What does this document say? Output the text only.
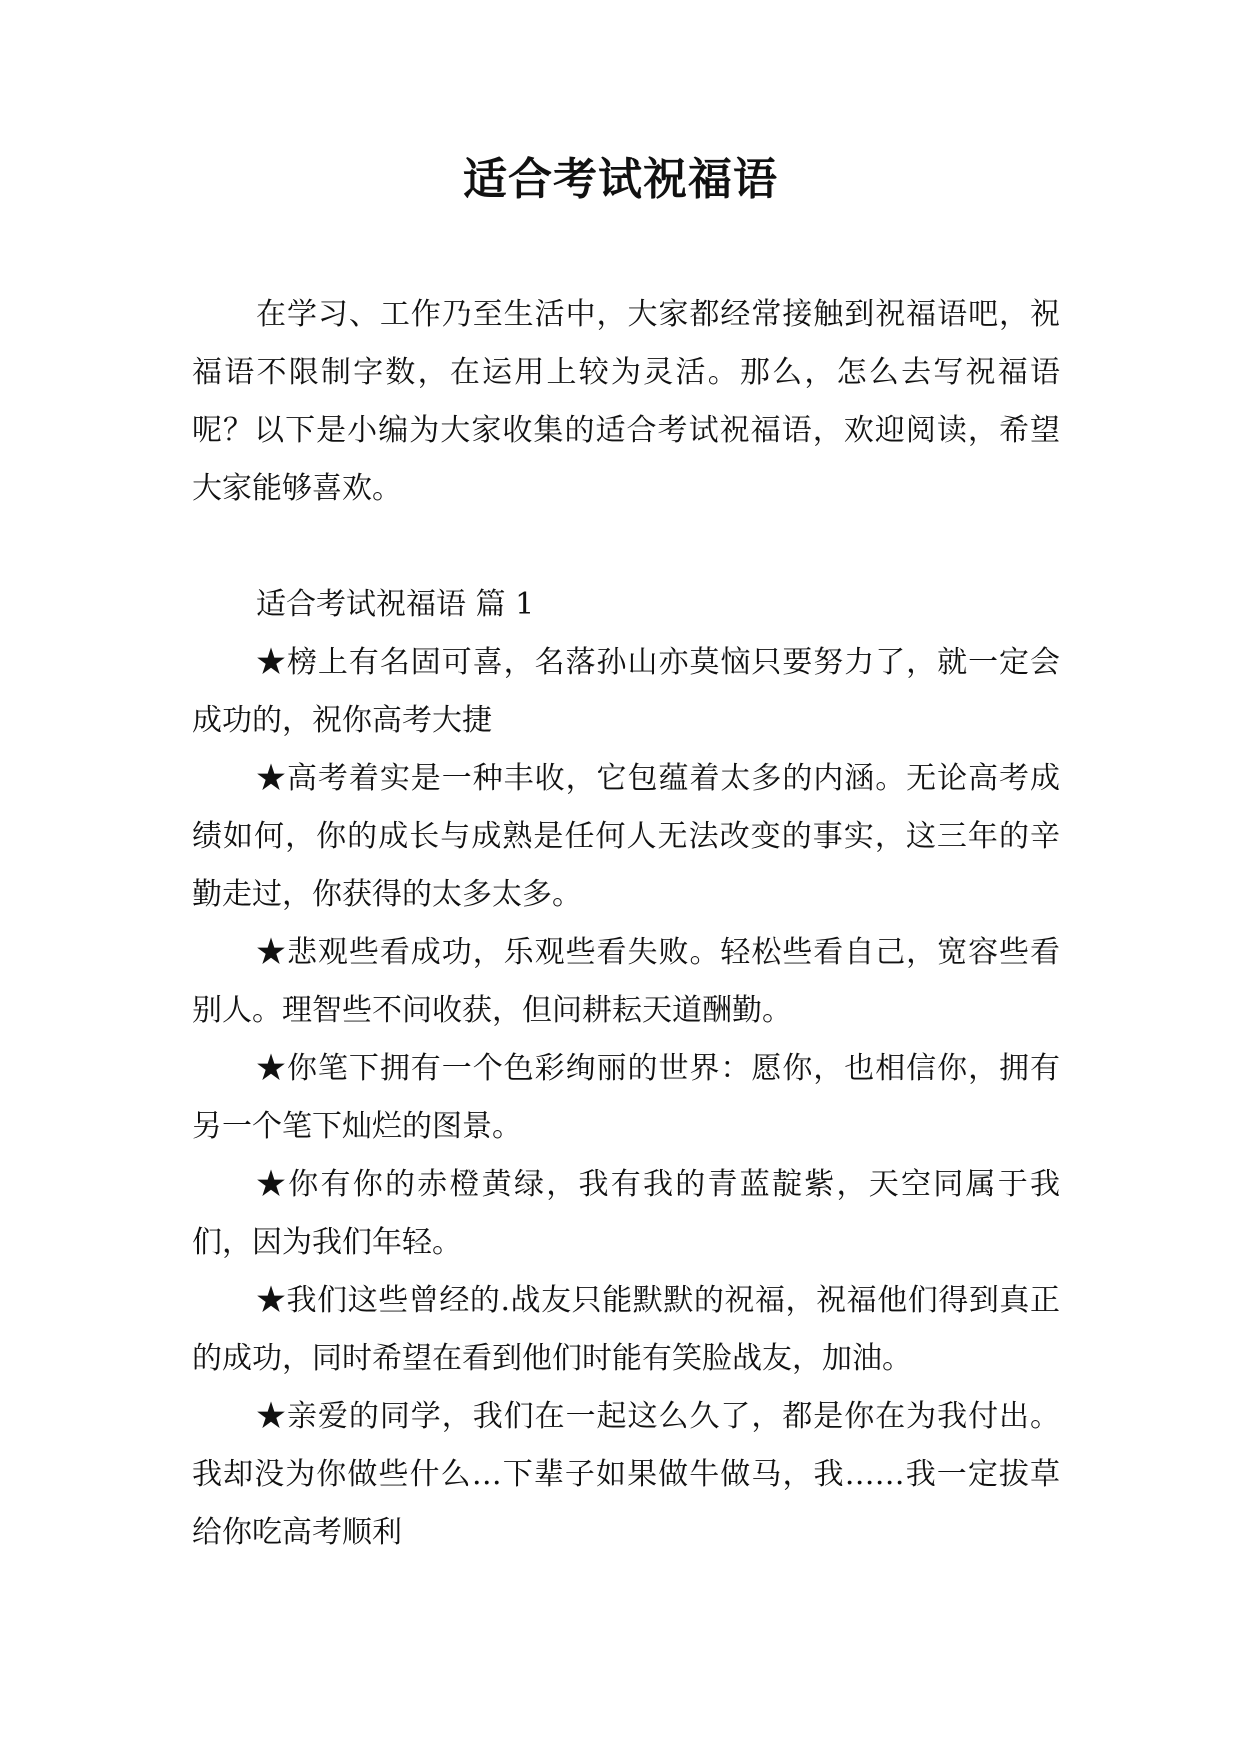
适合考试祝福语

在学习、工作乃至生活中，大家都经常接触到祝福语吧，祝福语不限制字数，在运用上较为灵活。那么，怎么去写祝福语呢？以下是小编为大家收集的适合考试祝福语，欢迎阅读，希望大家能够喜欢。

适合考试祝福语 篇 1

★榜上有名固可喜，名落孙山亦莫恼只要努力了，就一定会成功的，祝你高考大捷

★高考着实是一种丰收，它包蕴着太多的内涵。无论高考成绩如何，你的成长与成熟是任何人无法改变的事实，这三年的辛勤走过，你获得的太多太多。

★悲观些看成功，乐观些看失败。轻松些看自己，宽容些看别人。理智些不问收获，但问耕耘天道酬勤。

★你笔下拥有一个色彩绚丽的世界：愿你，也相信你，拥有另一个笔下灿烂的图景。

★你有你的赤橙黄绿，我有我的青蓝靛紫，天空同属于我们，因为我们年轻。

★我们这些曾经的.战友只能默默的祝福，祝福他们得到真正的成功，同时希望在看到他们时能有笑脸战友，加油。

★亲爱的同学，我们在一起这么久了，都是你在为我付出。我却没为你做些什么…下辈子如果做牛做马，我……我一定拔草给你吃高考顺利
